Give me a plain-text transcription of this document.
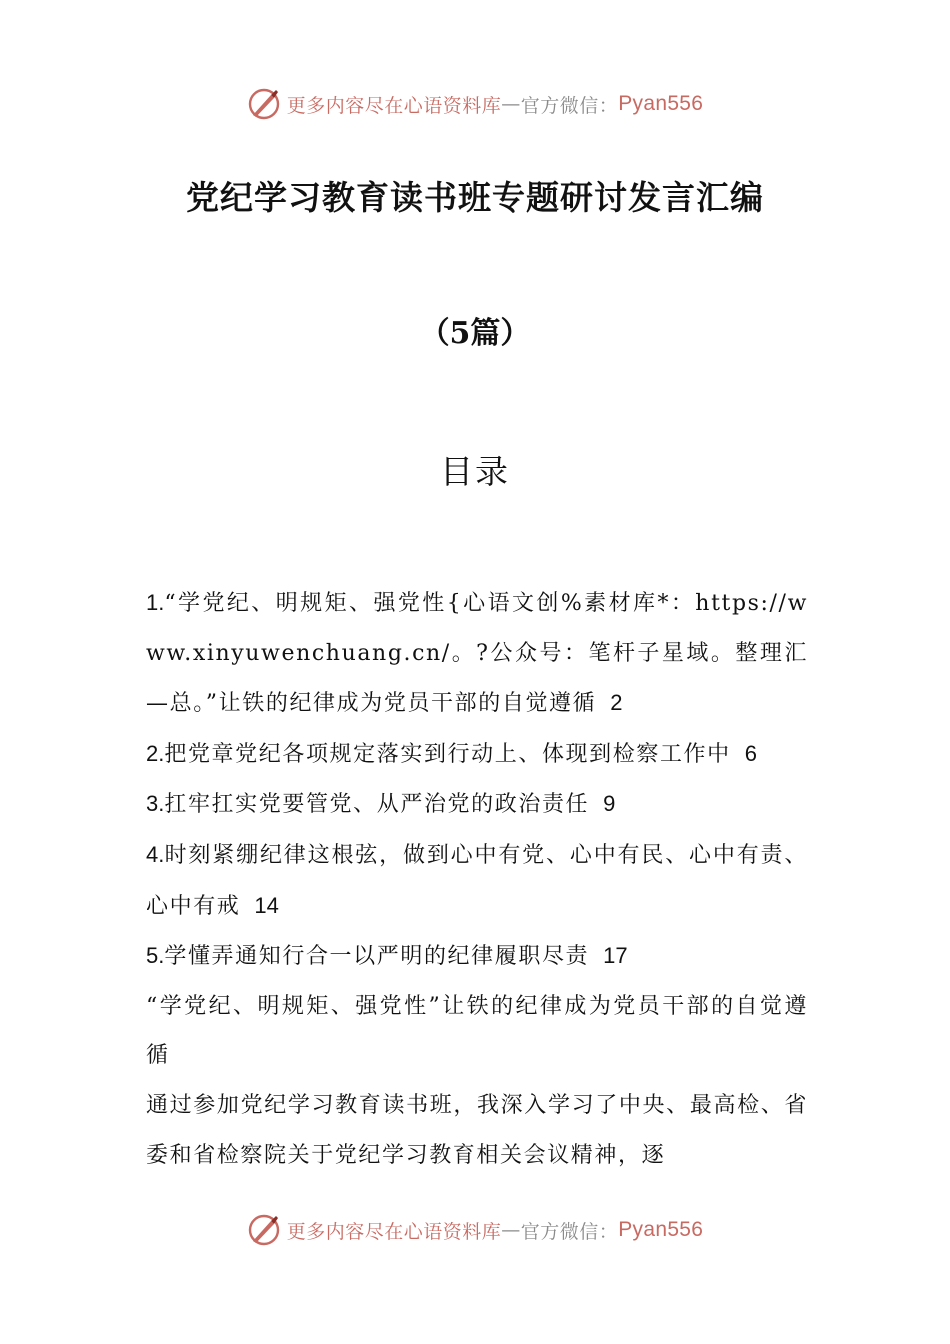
更多内容尽在心语资料库 — 官方微信： Pyan556
党纪学习教育读书班专题研讨发言汇编
（5篇）
目录

1.“学党纪、明规矩、强党性{心语文创%素材库*：https://www.xinyuwenchuang.cn/。?公众号：笔杆子星域。整理汇—总。”让铁的纪律成为党员干部的自觉遵循 2

2.把党章党纪各项规定落实到行动上、体现到检察工作中 6

3.扛牢扛实党要管党、从严治党的政治责任 9

4.时刻紧绷纪律这根弦，做到心中有党、心中有民、心中有责、心中有戒 14

5.学懂弄通知行合一以严明的纪律履职尽责 17

“学党纪、明规矩、强党性”让铁的纪律成为党员干部的自觉遵循

通过参加党纪学习教育读书班，我深入学习了中央、最高检、省委和省检察院关于党纪学习教育相关会议精神，逐

更多内容尽在心语资料库 — 官方微信： Pyan556
